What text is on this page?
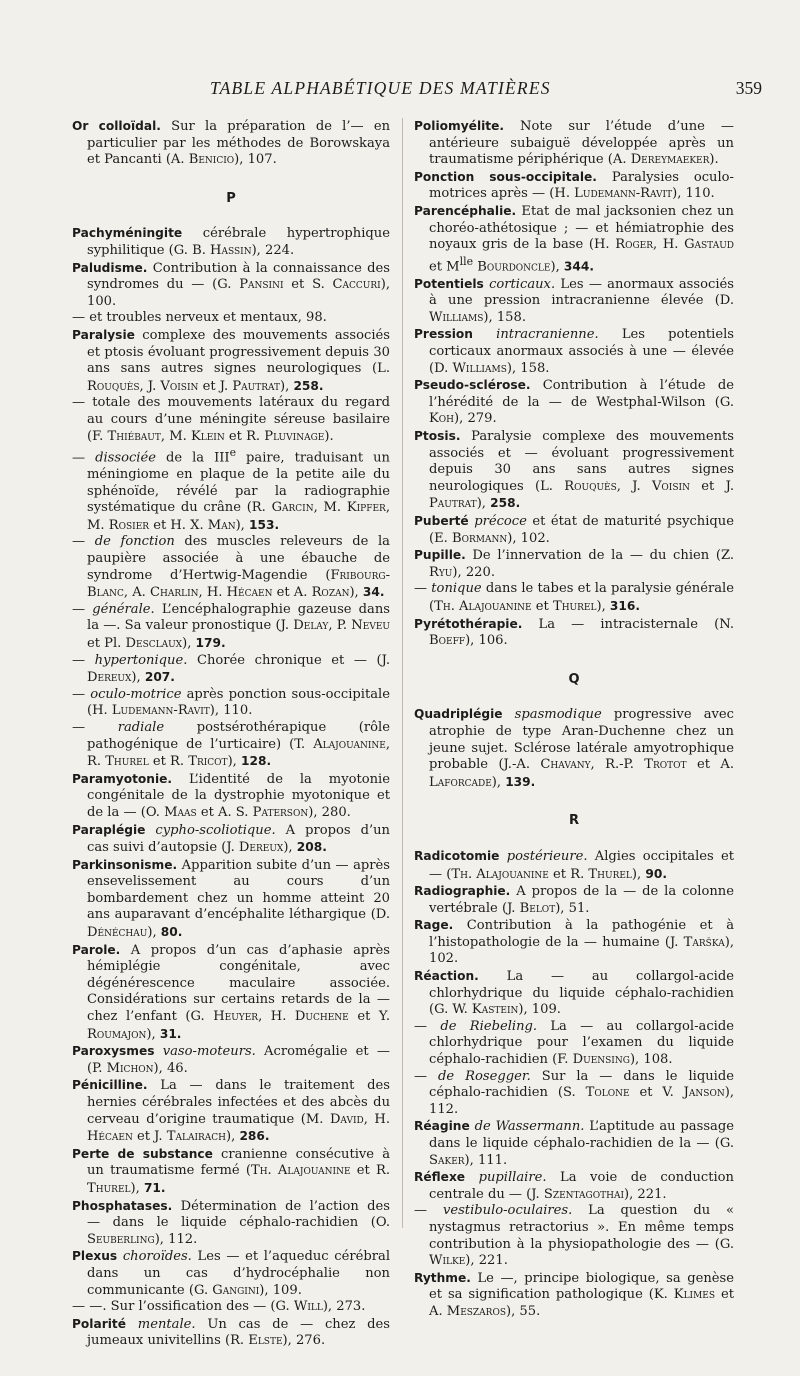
TABLE ALPHABÉTIQUE DES MATIÈRES	359
Or colloïdal. Sur la préparation de l’— en particulier par les méthodes de Borowskaya et Pancanti (A. Benicio), 107.
P
Pachyméningite cérébrale hypertrophique syphilitique (G. B. Hassin), 224.
Paludisme. Contribution à la connaissance des syndromes du — (G. Pansini et S. Caccuri), 100.
— et troubles nerveux et mentaux, 98.
Paralysie complexe des mouvements associés et ptosis évoluant progressivement depuis 30 ans sans autres signes neurologiques (L. Rouquès, J. Voisin et J. Pautrat), 258.
— totale des mouvements latéraux du regard au cours d’une méningite séreuse basilaire (F. Thiébaut, M. Klein et R. Pluvinage).
— dissociée de la IIIe paire, traduisant un méningiome en plaque de la petite aile du sphénoïde, révélé par la radiographie systématique du crâne (R. Garcin, M. Kipfer, M. Rosier et H. X. Man), 153.
— de fonction des muscles releveurs de la paupière associée à une ébauche de syndrome d’Hertwig-Magendie (Fribourg-Blanc, A. Charlin, H. Hécaen et A. Rozan), 34.
— générale. L’encéphalographie gazeuse dans la —. Sa valeur pronostique (J. Delay, P. Neveu et Pl. Desclaux), 179.
— hypertonique. Chorée chronique et — (J. Dereux), 207.
— oculo-motrice après ponction sous-occipitale (H. Ludemann-Ravit), 110.
— radiale postsérothérapique (rôle pathogénique de l’urticaire) (T. Alajouanine, R. Thurel et R. Tricot), 128.
Paramyotonie. L’identité de la myotonie congénitale de la dystrophie myotonique et de la — (O. Maas et A. S. Paterson), 280.
Paraplégie cypho-scoliotique. A propos d’un cas suivi d’autopsie (J. Dereux), 208.
Parkinsonisme. Apparition subite d’un — après ensevelissement au cours d’un bombardement chez un homme atteint 20 ans auparavant d’encéphalite léthargique (D. Dénéchau), 80.
Parole. A propos d’un cas d’aphasie après hémiplégie congénitale, avec dégénérescence maculaire associée. Considérations sur certains retards de la — chez l’enfant (G. Heuyer, H. Duchene et Y. Roumajon), 31.
Paroxysmes vaso-moteurs. Acromégalie et — (P. Michon), 46.
Pénicilline. La — dans le traitement des hernies cérébrales infectées et des abcès du cerveau d’origine traumatique (M. David, H. Hécaen et J. Talairach), 286.
Perte de substance cranienne consécutive à un traumatisme fermé (Th. Alajouanine et R. Thurel), 71.
Phosphatases. Détermination de l’action des — dans le liquide céphalo-rachidien (O. Seuberling), 112.
Plexus choroïdes. Les — et l’aqueduc cérébral dans un cas d’hydrocéphalie non communicante (G. Gangini), 109.
— —. Sur l’ossification des — (G. Will), 273.
Polarité mentale. Un cas de — chez des jumeaux univitellins (R. Elste), 276.
Poliomyélite. Note sur l’étude d’une — antérieure subaiguë développée après un traumatisme périphérique (A. Dereymaeker).
Ponction sous-occipitale. Paralysies oculo-motrices après — (H. Ludemann-Ravit), 110.
Parencéphalie. Etat de mal jacksonien chez un choréo-athétosique ; — et hémiatrophie des noyaux gris de la base (H. Roger, H. Gastaud et $M^{lle}$ Bourdoncle), 344.
Potentiels corticaux. Les — anormaux associés à une pression intracranienne élevée (D. Williams), 158.
Pression intracranienne. Les potentiels corticaux anormaux associés à une — élevée (D. Williams), 158.
Pseudo-sclérose. Contribution à l’étude de l’hérédité de la — de Westphal-Wilson (G. Koh), 279.
Ptosis. Paralysie complexe des mouvements associés et — évoluant progressivement depuis 30 ans sans autres signes neurologiques (L. Rouquès, J. Voisin et J. Pautrat), 258.
Puberté précoce et état de maturité psychique (E. Bormann), 102.
Pupille. De l’innervation de la — du chien (Z. Ryu), 220.
— tonique dans le tabes et la paralysie générale (Th. Alajouanine et Thurel), 316.
Pyrétothérapie. La — intracisternale (N. Boeff), 106.
Q
Quadriplégie spasmodique progressive avec atrophie de type Aran-Duchenne chez un jeune sujet. Sclérose latérale amyotrophique probable (J.-A. Chavany, R.-P. Trotot et A. Laforcade), 139.
R
Radicotomie postérieure. Algies occipitales et — (Th. Alajouanine et R. Thurel), 90.
Radiographie. A propos de la — de la colonne vertébrale (J. Belot), 51.
Rage. Contribution à la pathogénie et à l’histopathologie de la — humaine (J. Tarška), 102.
Réaction. La — au collargol-acide chlorhydrique du liquide céphalo-rachidien (G. W. Kastein), 109.
— de Riebeling. La — au collargol-acide chlorhydrique pour l’examen du liquide céphalo-rachidien (F. Duensing), 108.
— de Rosegger. Sur la — dans le liquide céphalo-rachidien (S. Tolone et V. Janson), 112.
Réagine de Wassermann. L’aptitude au passage dans le liquide céphalo-rachidien de la — (G. Saker), 111.
Réflexe pupillaire. La voie de conduction centrale du — (J. Szentagothai), 221.
— vestibulo-oculaires. La question du « nystagmus retractorius ». En même temps contribution à la physiopathologie des — (G. Wilke), 221.
Rythme. Le —, principe biologique, sa genèse et sa signification pathologique (K. Klimes et A. Meszaros), 55.
